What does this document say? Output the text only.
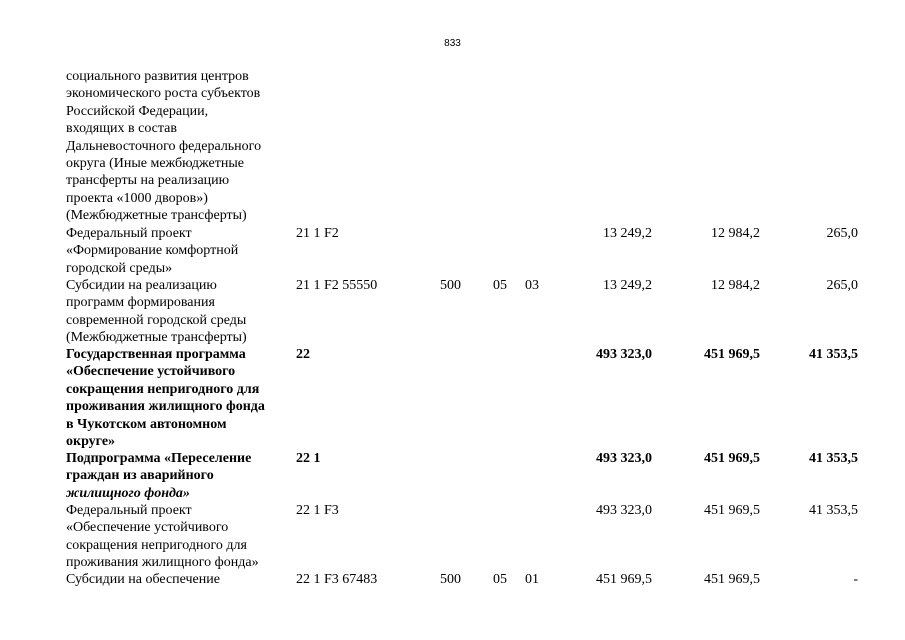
833
социального развития центров
экономического роста субъектов
Российской Федерации,
входящих в состав
Дальневосточного федерального
округа (Иные межбюджетные
трансферты на реализацию
проекта «1000 дворов»)
(Межбюджетные трансферты)
Федеральный проект
«Формирование комфортной
городской среды»
21 1 F2	13 249,2	12 984,2	265,0
Субсидии на реализацию
программ формирования
современной городской среды
(Межбюджетные трансферты)
21 1 F2 55550	500 05 03	13 249,2	12 984,2	265,0
Государственная программа
«Обеспечение устойчивого
сокращения непригодного для
проживания жилищного фонда
в Чукотском автономном
округе»
22	493 323,0	451 969,5	41 353,5
Подпрограмма «Переселение
граждан из аварийного
жилищного фонда»
22 1	493 323,0	451 969,5	41 353,5
Федеральный проект
«Обеспечение устойчивого
сокращения непригодного для
проживания жилищного фонда»
22 1 F3	493 323,0	451 969,5	41 353,5
Субсидии на обеспечение	22 1 F3 67483	500 05 01	451 969,5	451 969,5	-
